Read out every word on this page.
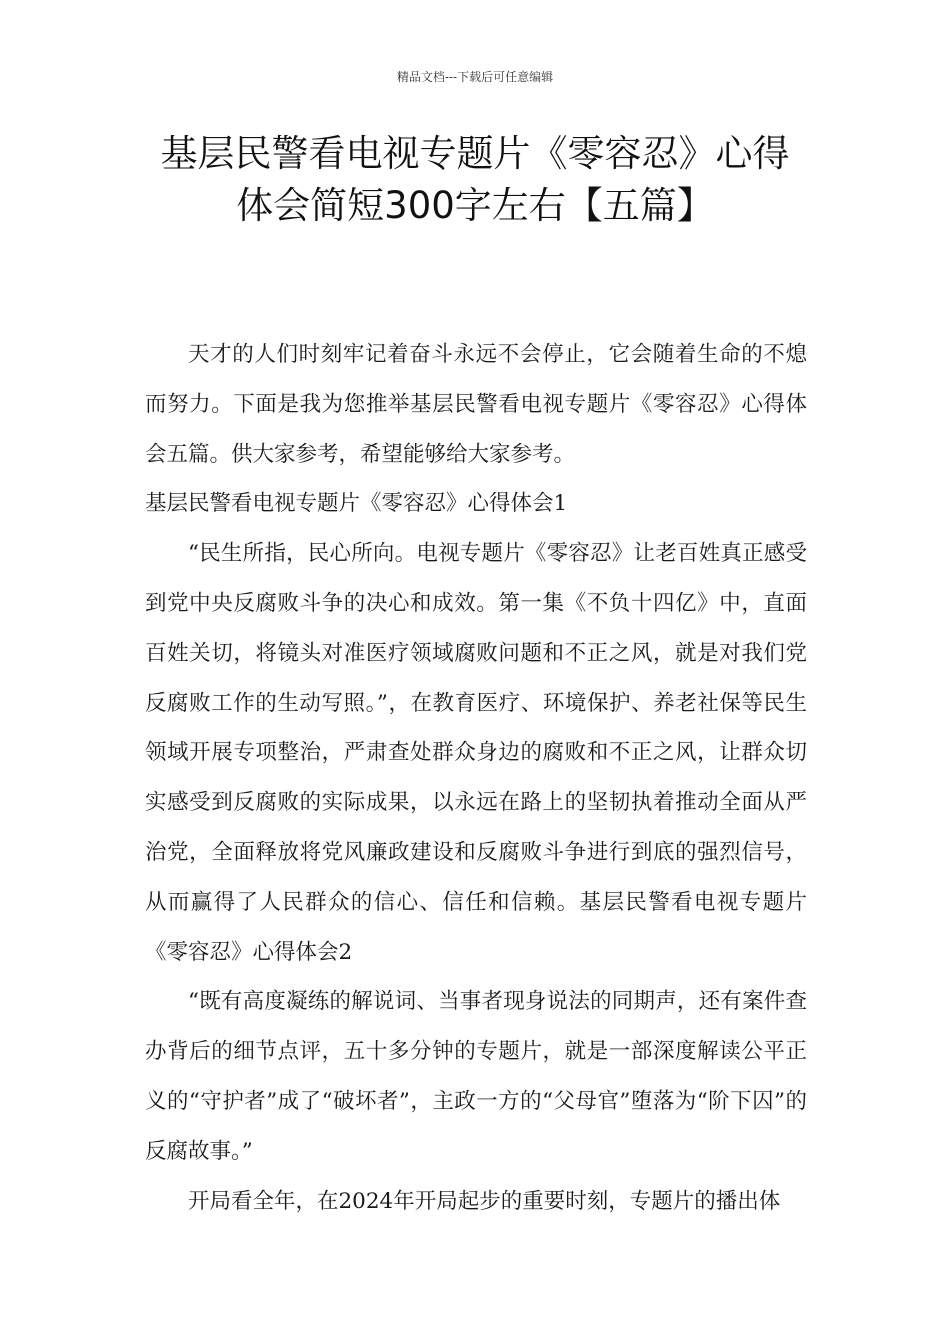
精品文档---下载后可任意编辑
基层民警看电视专题片《零容忍》心得
体会简短300字左右【五篇】

天才的人们时刻牢记着奋斗永远不会停止，它会随着生命的不熄而努力。下面是我为您推举基层民警看电视专题片《零容忍》心得体会五篇。供大家参考，希望能够给大家参考。

基层民警看电视专题片《零容忍》心得体会1

“民生所指，民心所向。电视专题片《零容忍》让老百姓真正感受到党中央反腐败斗争的决心和成效。第一集《不负十四亿》中，直面百姓关切，将镜头对准医疗领域腐败问题和不正之风，就是对我们党反腐败工作的生动写照。”，在教育医疗、环境保护、养老社保等民生领域开展专项整治，严肃查处群众身边的腐败和不正之风，让群众切实感受到反腐败的实际成果，以永远在路上的坚韧执着推动全面从严治党，全面释放将党风廉政建设和反腐败斗争进行到底的强烈信号，从而赢得了人民群众的信心、信任和信赖。基层民警看电视专题片《零容忍》心得体会2

“既有高度凝练的解说词、当事者现身说法的同期声，还有案件查办背后的细节点评，五十多分钟的专题片，就是一部深度解读公平正义的“守护者”成了“破坏者”，主政一方的“父母官”堕落为“阶下囚”的反腐故事。”

开局看全年，在2024年开局起步的重要时刻，专题片的播出体
